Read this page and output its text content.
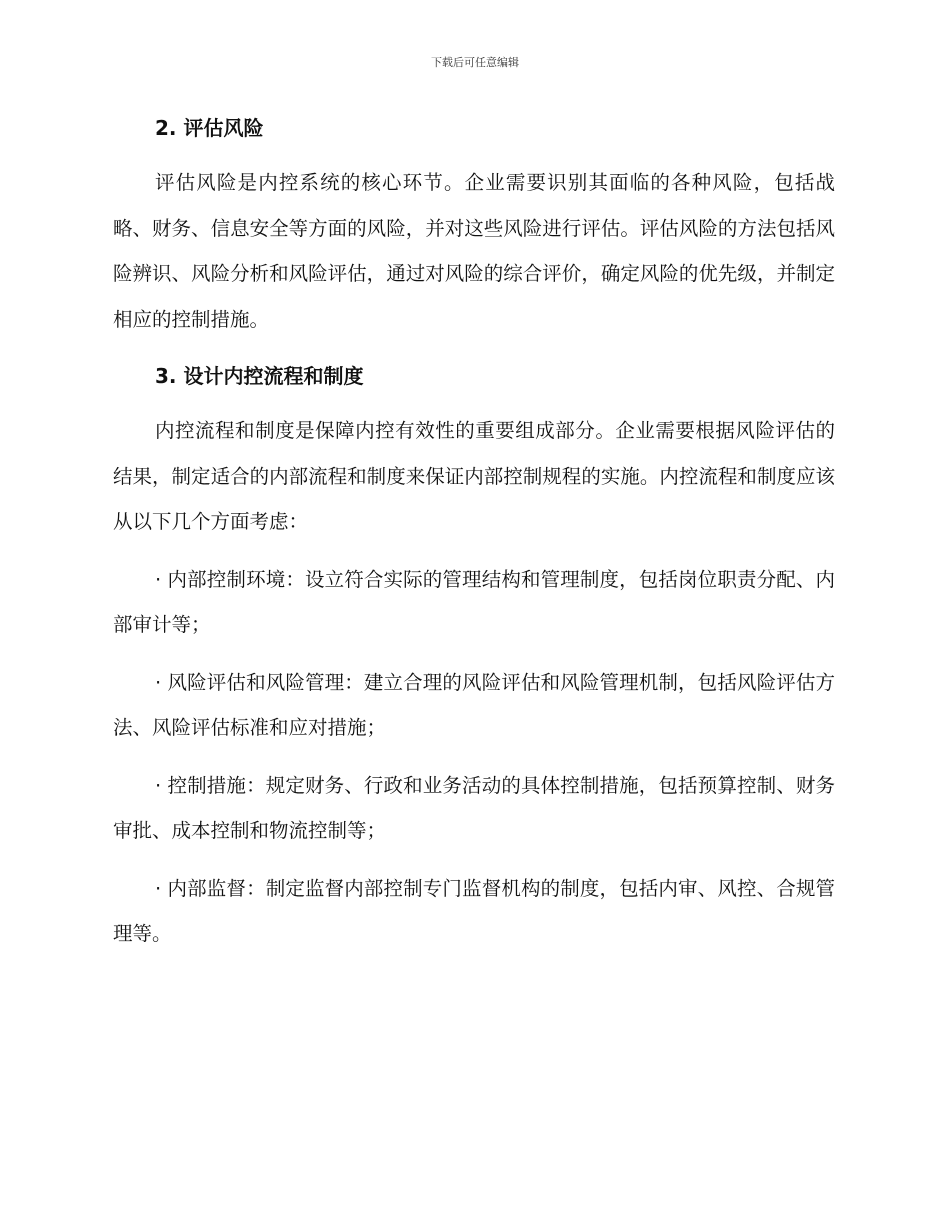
下载后可任意编辑
2. 评估风险

评估风险是内控系统的核心环节。企业需要识别其面临的各种风险，包括战略、财务、信息安全等方面的风险，并对这些风险进行评估。评估风险的方法包括风险辨识、风险分析和风险评估，通过对风险的综合评价，确定风险的优先级，并制定相应的控制措施。

3. 设计内控流程和制度

内控流程和制度是保障内控有效性的重要组成部分。企业需要根据风险评估的结果，制定适合的内部流程和制度来保证内部控制规程的实施。内控流程和制度应该从以下几个方面考虑：

· 内部控制环境：设立符合实际的管理结构和管理制度，包括岗位职责分配、内部审计等；

· 风险评估和风险管理：建立合理的风险评估和风险管理机制，包括风险评估方法、风险评估标准和应对措施；

· 控制措施：规定财务、行政和业务活动的具体控制措施，包括预算控制、财务审批、成本控制和物流控制等；

· 内部监督：制定监督内部控制专门监督机构的制度，包括内审、风控、合规管理等。
